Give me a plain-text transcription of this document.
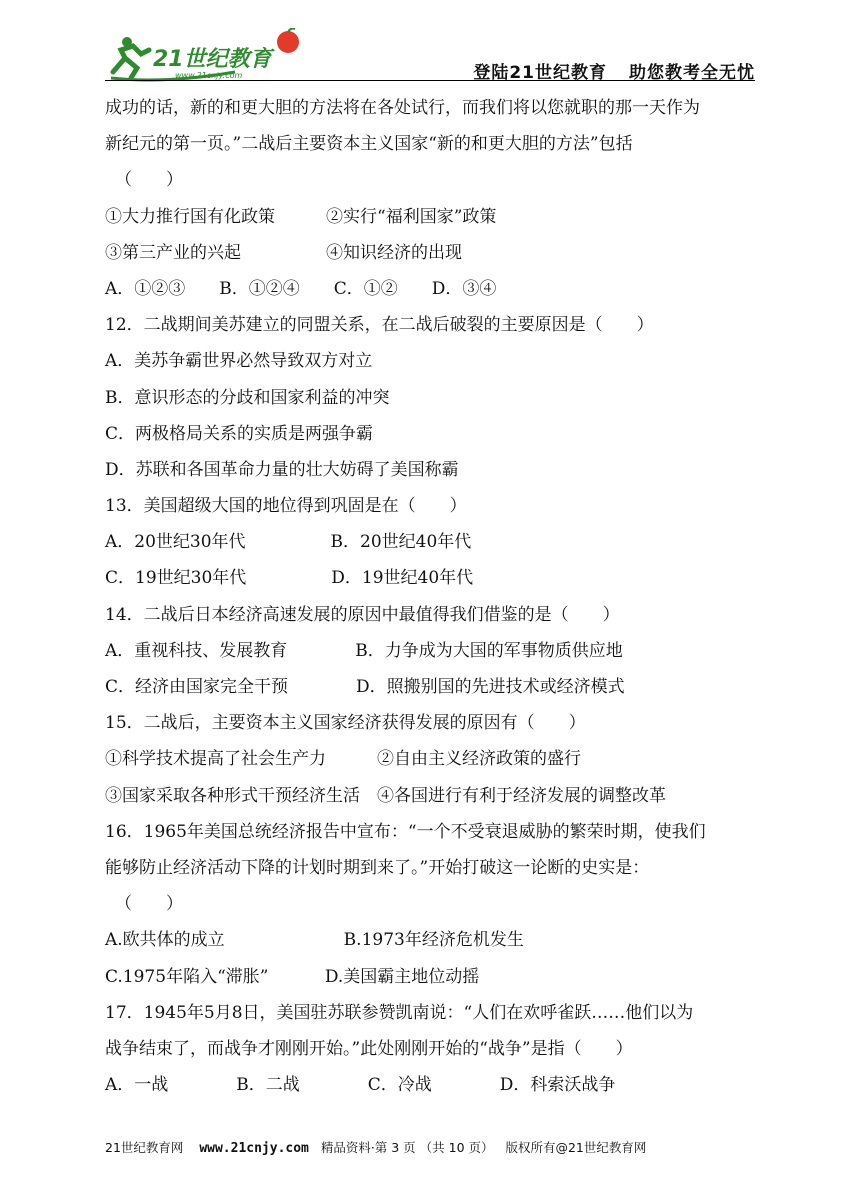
21世纪教育
www.21cnjy.com	登陆21世纪教育 助您教考全无忧
成功的话，新的和更大胆的方法将在各处试行，而我们将以您就职的那一天作为
新纪元的第一页。”二战后主要资本主义国家“新的和更大胆的方法”包括
（　　）
①大力推行国有化政策　　　②实行“福利国家”政策
③第三产业的兴起　　　　　④知识经济的出现
A．①②③　　B．①②④　　C．①②　　D．③④
12．二战期间美苏建立的同盟关系，在二战后破裂的主要原因是（　　）
A．美苏争霸世界必然导致双方对立
B．意识形态的分歧和国家利益的冲突
C．两极格局关系的实质是两强争霸
D．苏联和各国革命力量的壮大妨碍了美国称霸
13．美国超级大国的地位得到巩固是在（　　）
A．20世纪30年代　　　　　B．20世纪40年代
C．19世纪30年代　　　　　D．19世纪40年代
14．二战后日本经济高速发展的原因中最值得我们借鉴的是（　　）
A．重视科技、发展教育　　　　B．力争成为大国的军事物质供应地
C．经济由国家完全干预　　　　D．照搬别国的先进技术或经济模式
15．二战后，主要资本主义国家经济获得发展的原因有（　　）
①科学技术提高了社会生产力　　　②自由主义经济政策的盛行
③国家采取各种形式干预经济生活　④各国进行有利于经济发展的调整改革
16．1965年美国总统经济报告中宣布：“一个不受衰退威胁的繁荣时期，使我们
能够防止经济活动下降的计划时期到来了。”开始打破这一论断的史实是：
（　　）
A.欧共体的成立　　　　　　　B.1973年经济危机发生
C.1975年陷入“滞胀”　　　 D.美国霸主地位动摇
17．1945年5月8日，美国驻苏联参赞凯南说：“人们在欢呼雀跃……他们以为
战争结束了，而战争才刚刚开始。”此处刚刚开始的“战争”是指（　　）
A．一战　　　　B．二战　　　　C．冷战　　　　D．科索沃战争
21世纪教育网 www.21cnjy.com 精品资料·第 3 页 （共 10 页） 版权所有@21世纪教育网
